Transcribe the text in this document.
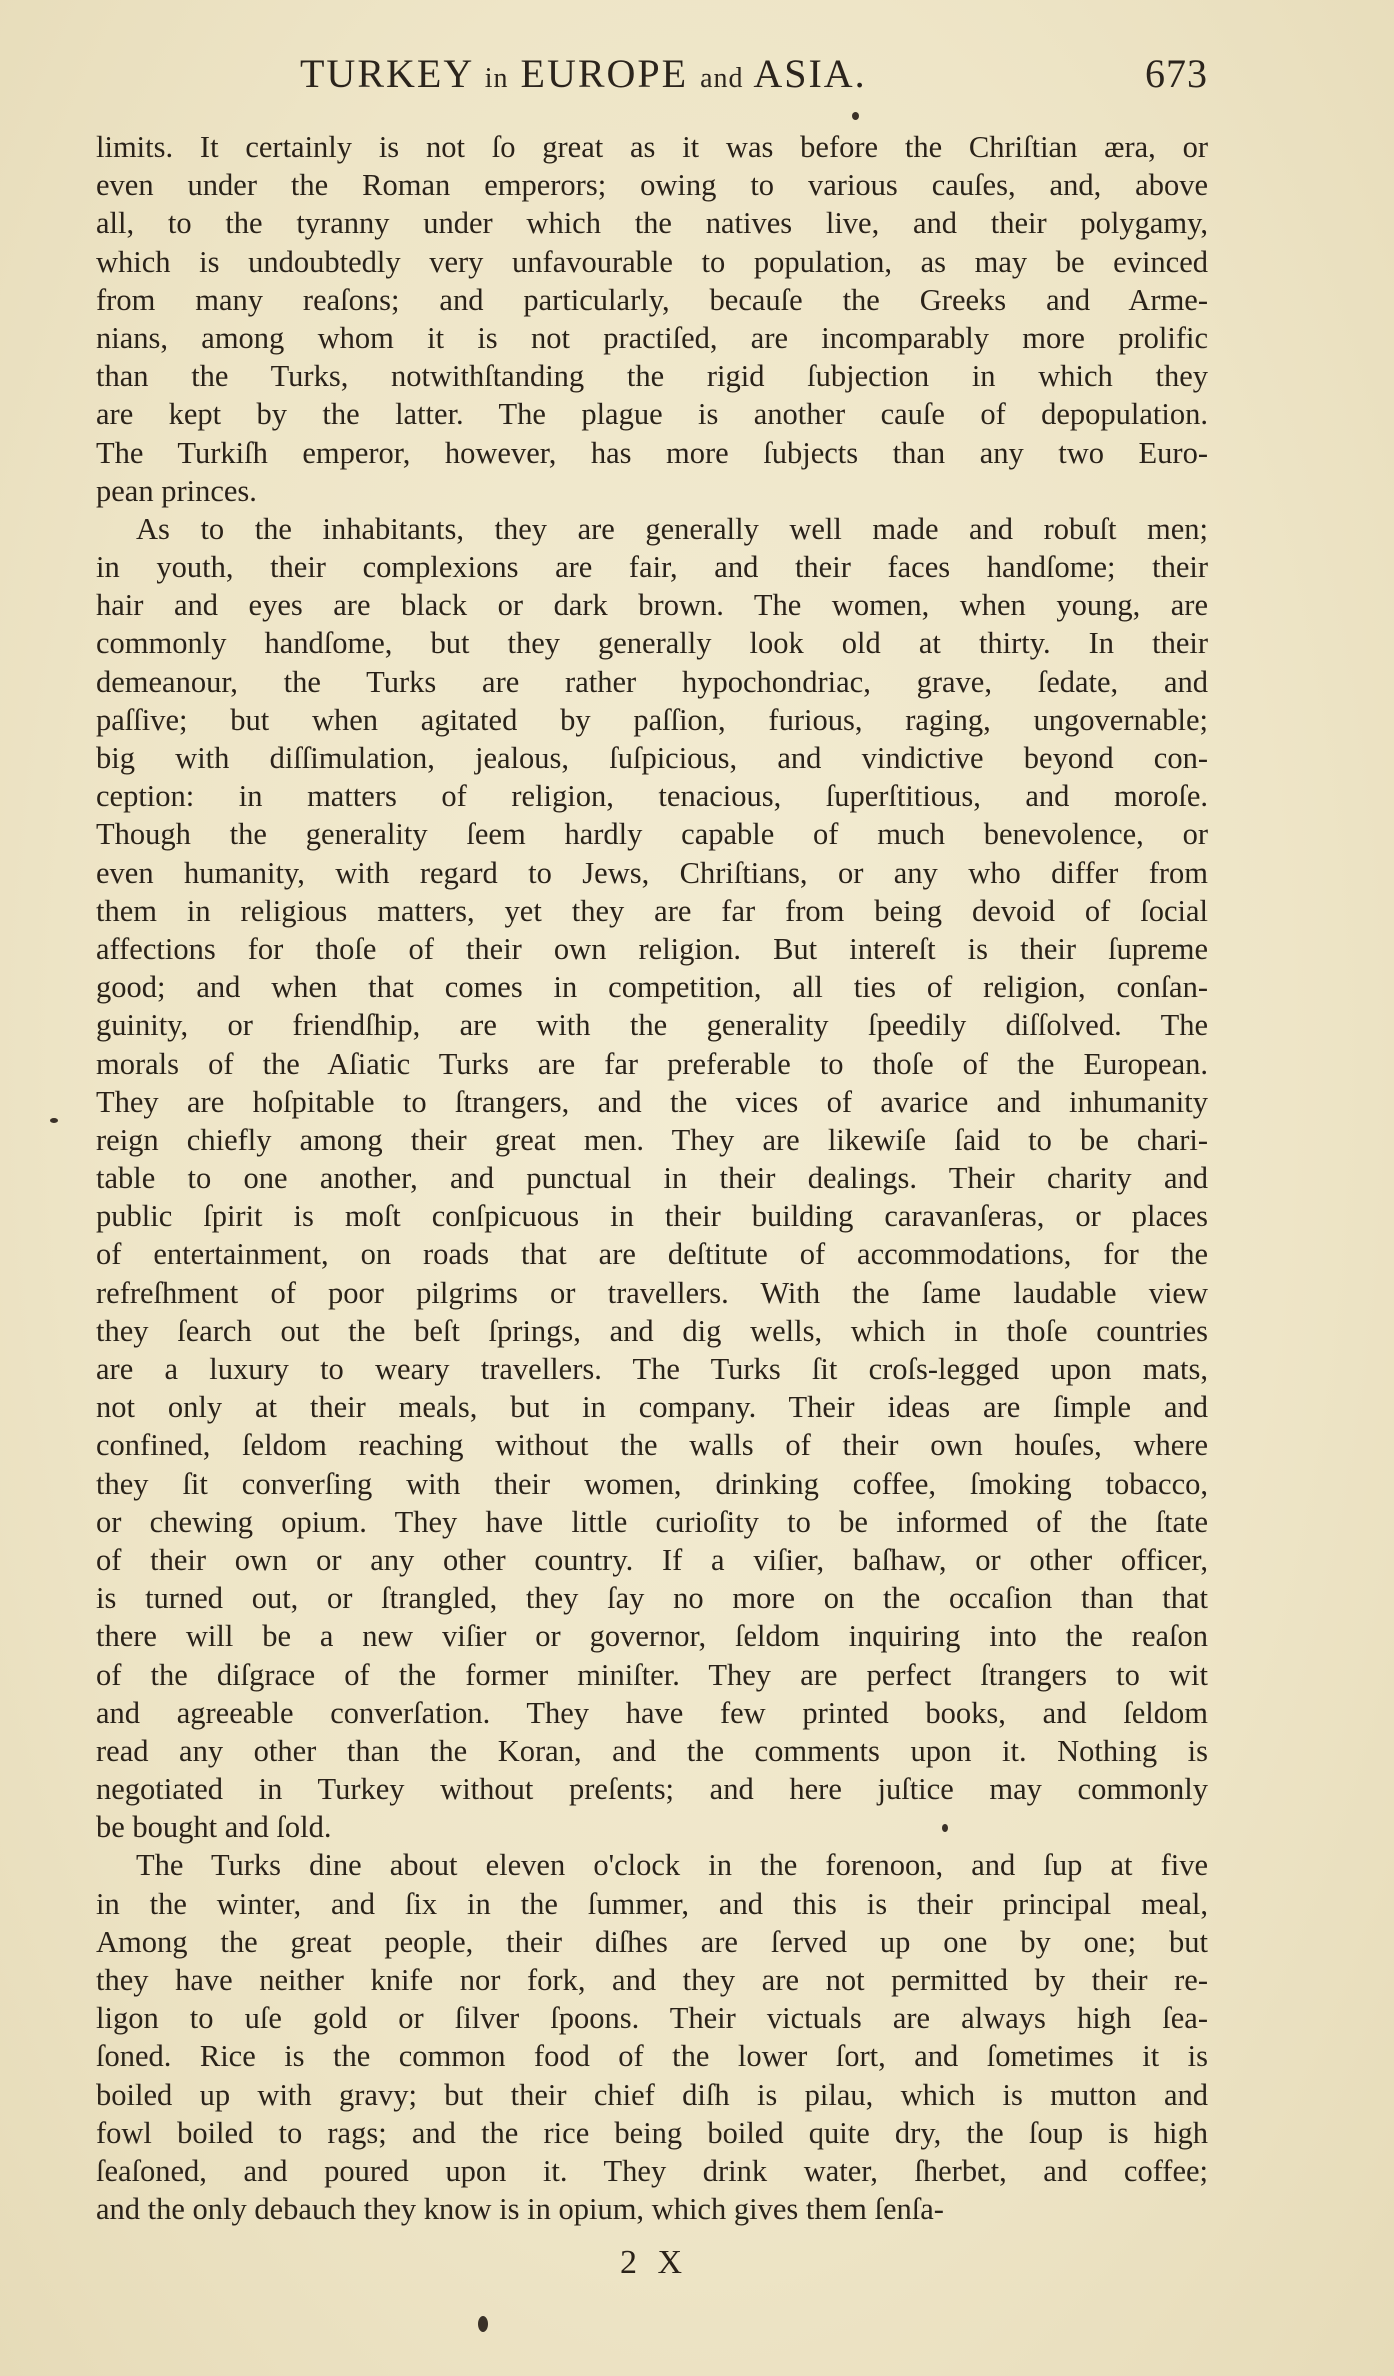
TURKEY in EUROPE and ASIA.	673
limits. It certainly is not ſo great as it was before the Chriſtian æra, or
even under the Roman emperors; owing to various cauſes, and, above
all, to the tyranny under which the natives live, and their polygamy,
which is undoubtedly very unfavourable to population, as may be evinced
from many reaſons; and particularly, becauſe the Greeks and Arme-
nians, among whom it is not practiſed, are incomparably more prolific
than the Turks, notwithſtanding the rigid ſubjection in which they
are kept by the latter. The plague is another cauſe of depopulation.
The Turkiſh emperor, however, has more ſubjects than any two Euro-
pean princes.
As to the inhabitants, they are generally well made and robuſt men;
in youth, their complexions are fair, and their faces handſome; their
hair and eyes are black or dark brown. The women, when young, are
commonly handſome, but they generally look old at thirty. In their
demeanour, the Turks are rather hypochondriac, grave, ſedate, and
paſſive; but when agitated by paſſion, furious, raging, ungovernable;
big with diſſimulation, jealous, ſuſpicious, and vindictive beyond con-
ception: in matters of religion, tenacious, ſuperſtitious, and moroſe.
Though the generality ſeem hardly capable of much benevolence, or
even humanity, with regard to Jews, Chriſtians, or any who differ from
them in religious matters, yet they are far from being devoid of ſocial
affections for thoſe of their own religion. But intereſt is their ſupreme
good; and when that comes in competition, all ties of religion, conſan-
guinity, or friendſhip, are with the generality ſpeedily diſſolved. The
morals of the Aſiatic Turks are far preferable to thoſe of the European.
They are hoſpitable to ſtrangers, and the vices of avarice and inhumanity
reign chiefly among their great men. They are likewiſe ſaid to be chari-
table to one another, and punctual in their dealings. Their charity and
public ſpirit is moſt conſpicuous in their building caravanſeras, or places
of entertainment, on roads that are deſtitute of accommodations, for the
refreſhment of poor pilgrims or travellers. With the ſame laudable view
they ſearch out the beſt ſprings, and dig wells, which in thoſe countries
are a luxury to weary travellers. The Turks ſit croſs-legged upon mats,
not only at their meals, but in company. Their ideas are ſimple and
confined, ſeldom reaching without the walls of their own houſes, where
they ſit converſing with their women, drinking coffee, ſmoking tobacco,
or chewing opium. They have little curioſity to be informed of the ſtate
of their own or any other country. If a viſier, baſhaw, or other officer,
is turned out, or ſtrangled, they ſay no more on the occaſion than that
there will be a new viſier or governor, ſeldom inquiring into the reaſon
of the diſgrace of the former miniſter. They are perfect ſtrangers to wit
and agreeable converſation. They have few printed books, and ſeldom
read any other than the Koran, and the comments upon it. Nothing is
negotiated in Turkey without preſents; and here juſtice may commonly
be bought and ſold.
The Turks dine about eleven o'clock in the forenoon, and ſup at five
in the winter, and ſix in the ſummer, and this is their principal meal,
Among the great people, their diſhes are ſerved up one by one; but
they have neither knife nor fork, and they are not permitted by their re-
ligon to uſe gold or ſilver ſpoons. Their victuals are always high ſea-
ſoned. Rice is the common food of the lower ſort, and ſometimes it is
boiled up with gravy; but their chief diſh is pilau, which is mutton and
fowl boiled to rags; and the rice being boiled quite dry, the ſoup is high
ſeaſoned, and poured upon it. They drink water, ſherbet, and coffee;
and the only debauch they know is in opium, which gives them ſenſa-
2 X
